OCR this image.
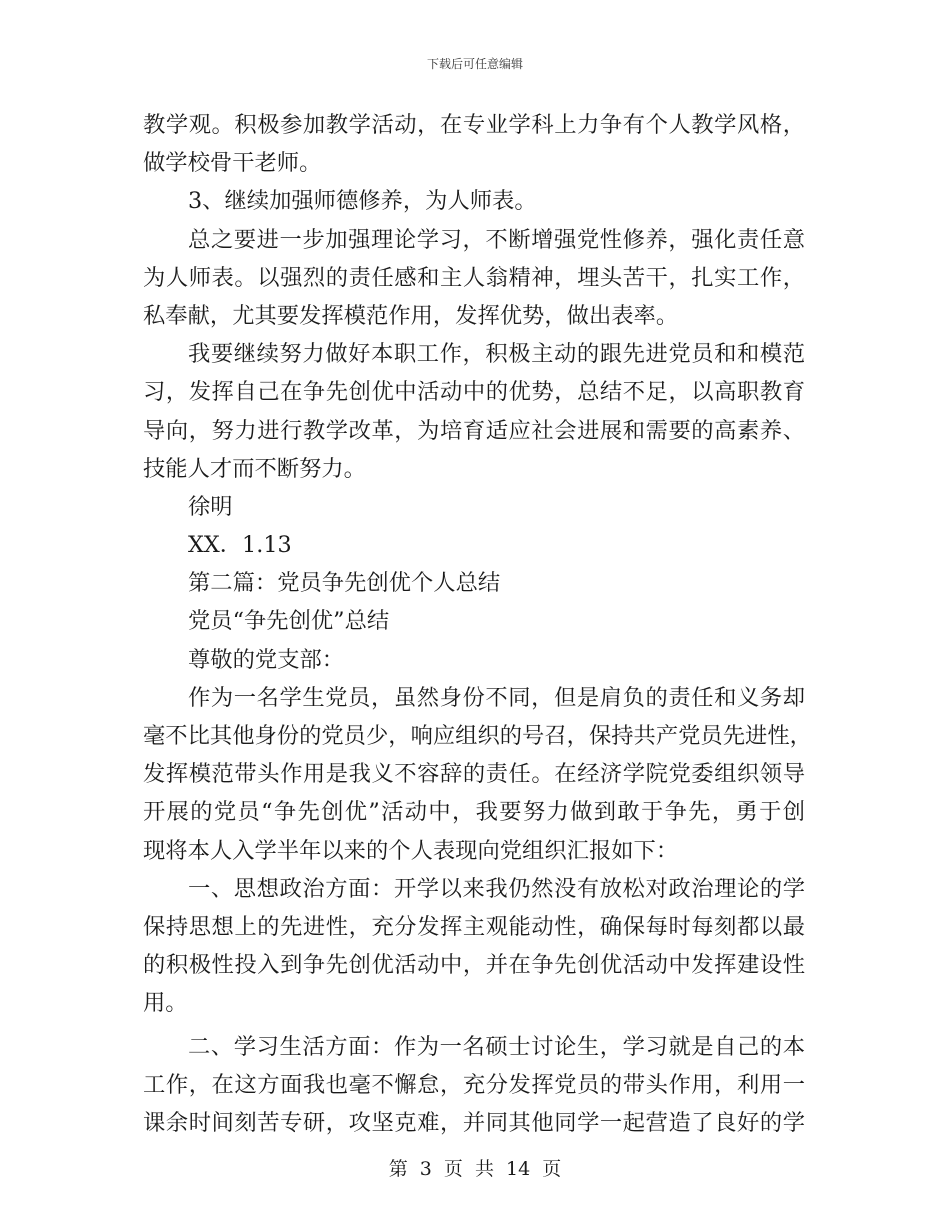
下载后可任意编辑
教学观。积极参加教学活动，在专业学科上力争有个人教学风格，
做学校骨干老师。
3、继续加强师德修养，为人师表。
总之要进一步加强理论学习，不断增强党性修养，强化责任意
为人师表。以强烈的责任感和主人翁精神，埋头苦干，扎实工作，
私奉献，尤其要发挥模范作用，发挥优势，做出表率。
我要继续努力做好本职工作，积极主动的跟先进党员和和模范
习，发挥自己在争先创优中活动中的优势，总结不足，以高职教育
导向，努力进行教学改革，为培育适应社会进展和需要的高素养、
技能人才而不断努力。
徐明
XX．1.13
第二篇：党员争先创优个人总结
党员“争先创优”总结
尊敬的党支部：
作为一名学生党员，虽然身份不同，但是肩负的责任和义务却
毫不比其他身份的党员少，响应组织的号召，保持共产党员先进性，
发挥模范带头作用是我义不容辞的责任。在经济学院党委组织领导
开展的党员“争先创优”活动中，我要努力做到敢于争先，勇于创
现将本人入学半年以来的个人表现向党组织汇报如下：
一、思想政治方面：开学以来我仍然没有放松对政治理论的学
保持思想上的先进性，充分发挥主观能动性，确保每时每刻都以最
的积极性投入到争先创优活动中，并在争先创优活动中发挥建设性
用。
二、学习生活方面：作为一名硕士讨论生，学习就是自己的本
工作，在这方面我也毫不懈怠，充分发挥党员的带头作用，利用一
课余时间刻苦专研，攻坚克难，并同其他同学一起营造了良好的学
第 3 页 共 14 页
